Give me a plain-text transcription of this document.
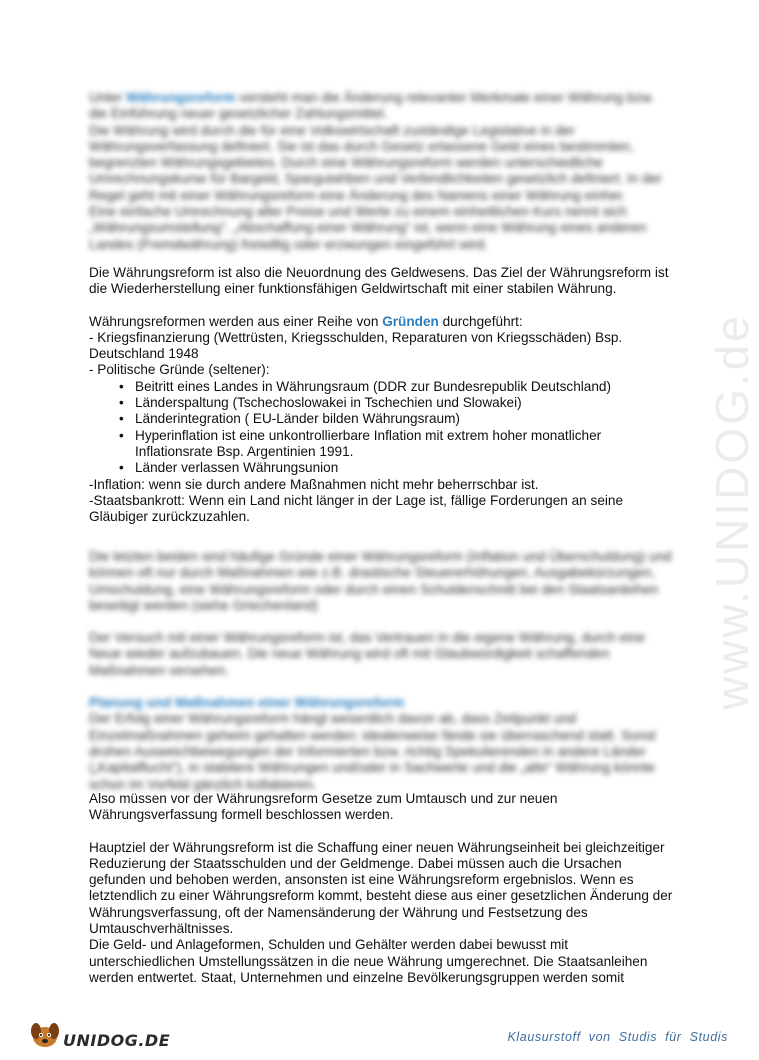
www.UNIDOG.de

Unter Währungsreform versteht man die Änderung relevanter Merkmale einer Währung bzw. die Einführung neuer gesetzlicher Zahlungsmittel.

Die Währung wird durch die für eine Volkswirtschaft zuständige Legislative in der Währungsverfassung definiert. Sie ist das durch Gesetz erlassene Geld eines bestimmten, begrenzten Währungsgebietes. Durch eine Währungsreform werden unterschiedliche Umrechnungskurse für Bargeld, Spargutahben und Verbindlichkeiten gesetzlich definiert. In der Regel geht mit einer Währungsreform eine Änderung des Namens einer Währung einher.

Eine einfache Umrechnung aller Preise und Werte zu einem einheitlichen Kurs nennt sich „Währungsumstellung“. „Abschaffung einer Währung“ ist, wenn eine Währung eines anderen Landes (Fremdwährung) freiwillig oder erzwungen eingeführt wird.

Die Währungsreform ist also die Neuordnung des Geldwesens. Das Ziel der Währungsreform ist die Wiederherstellung einer funktionsfähigen Geldwirtschaft mit einer stabilen Währung.

Währungsreformen werden aus einer Reihe von Gründen durchgeführt:

- Kriegsfinanzierung (Wettrüsten, Kriegsschulden, Reparaturen von Kriegsschäden) Bsp. Deutschland 1948

- Politische Gründe (seltener):

• Beitritt eines Landes in Währungsraum (DDR zur Bundesrepublik Deutschland)
• Länderspaltung (Tschechoslowakei in Tschechien und Slowakei)
• Länderintegration ( EU-Länder bilden Währungsraum)
• Hyperinflation ist eine unkontrollierbare Inflation mit extrem hoher monatlicher Inflationsrate Bsp. Argentinien 1991.
• Länder verlassen Währungsunion

-Inflation: wenn sie durch andere Maßnahmen nicht mehr beherrschbar ist.

-Staatsbankrott: Wenn ein Land nicht länger in der Lage ist, fällige Forderungen an seine Gläubiger zurückzuzahlen.

Die letzten beiden sind häufige Gründe einer Währungsreform (Inflation und Überschuldung) und können oft nur durch Maßnahmen wie z.B. drastische Steuererhöhungen, Ausgabekürzungen, Umschuldung, eine Währungsreform oder durch einen Schuldenschnitt bei den Staatsanleihen beseitigt werden (siehe Griechenland)

Der Versuch mit einer Währungsreform ist, das Vertrauen in die eigene Währung, durch eine Neue wieder aufzubauen. Die neue Währung wird oft mit Glaubwürdigkeit schaffenden Maßnahmen versehen.

Planung und Maßnahmen einer Währungsreform

Der Erfolg einer Währungsreform hängt wesentlich davon ab, dass Zeitpunkt und Einzelmaßnahmen geheim gehalten werden; idealerweise fände sie überraschend statt. Sonst drohen Ausweichbewegungen der Informierten bzw. richtig Spekulierenden in andere Länder („Kapitalflucht“), in stabilere Währungen und/oder in Sachwerte und die „alte“ Währung könnte schon im Vorfeld gänzlich kollabieren.

Also müssen vor der Währungsreform Gesetze zum Umtausch und zur neuen Währungsverfassung formell beschlossen werden.

Hauptziel der Währungsreform ist die Schaffung einer neuen Währungseinheit bei gleichzeitiger Reduzierung der Staatsschulden und der Geldmenge. Dabei müssen auch die Ursachen gefunden und behoben werden, ansonsten ist eine Währungsreform ergebnislos. Wenn es letztendlich zu einer Währungsreform kommt, besteht diese aus einer gesetzlichen Änderung der Währungsverfassung, oft der Namensänderung der Währung und Festsetzung des Umtauschverhältnisses.

Die Geld- und Anlageformen, Schulden und Gehälter werden dabei bewusst mit unterschiedlichen Umstellungssätzen in die neue Währung umgerechnet. Die Staatsanleihen werden entwertet. Staat, Unternehmen und einzelne Bevölkerungsgruppen werden somit

UNIDOG.DE	Klausurstoff von Studis für Studis
